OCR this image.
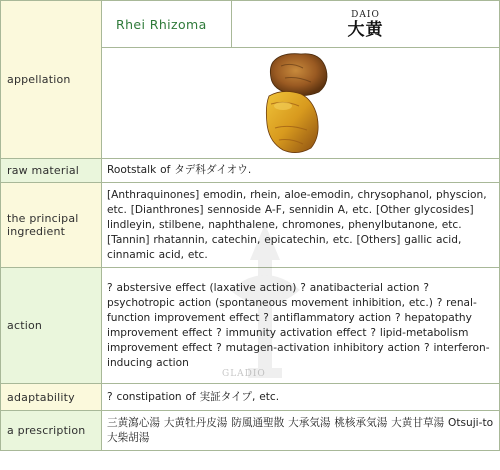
appellation	Rhei Rhizoma	DAIO
大黄

raw material	Rootstalk of タデ科ダイオウ.	
the principal ingredient	[Anthraquinones] emodin, rhein, aloe-emodin, chrysophanol, physcion, etc. [Dianthrones] sennoside A-F, sennidin A, etc. [Other glycosides] lindleyin, stilbene, naphthalene, chromones, phenylbutanone, etc. [Tannin] rhatannin, catechin, epicatechin, etc. [Others] gallic acid, cinnamic acid, etc.	
action	? abstersive effect (laxative action) ? anatibacterial action ? psychotropic action (spontaneous movement inhibition, etc.) ? renal-function improvement effect ? antiflammatory action ? hepatopathy improvement effect ? immunity activation effect ? lipid-metabolism improvement effect ? mutagen-activation inhibitory action ? interferon-inducing action	
adaptability	? constipation of 実証タイプ, etc.	
a prescription	三黄瀉心湯 大黄牡丹皮湯 防風通聖散 大承気湯 桃核承気湯 大黄甘草湯 Otsuji-to 大柴胡湯	
GLADIO
